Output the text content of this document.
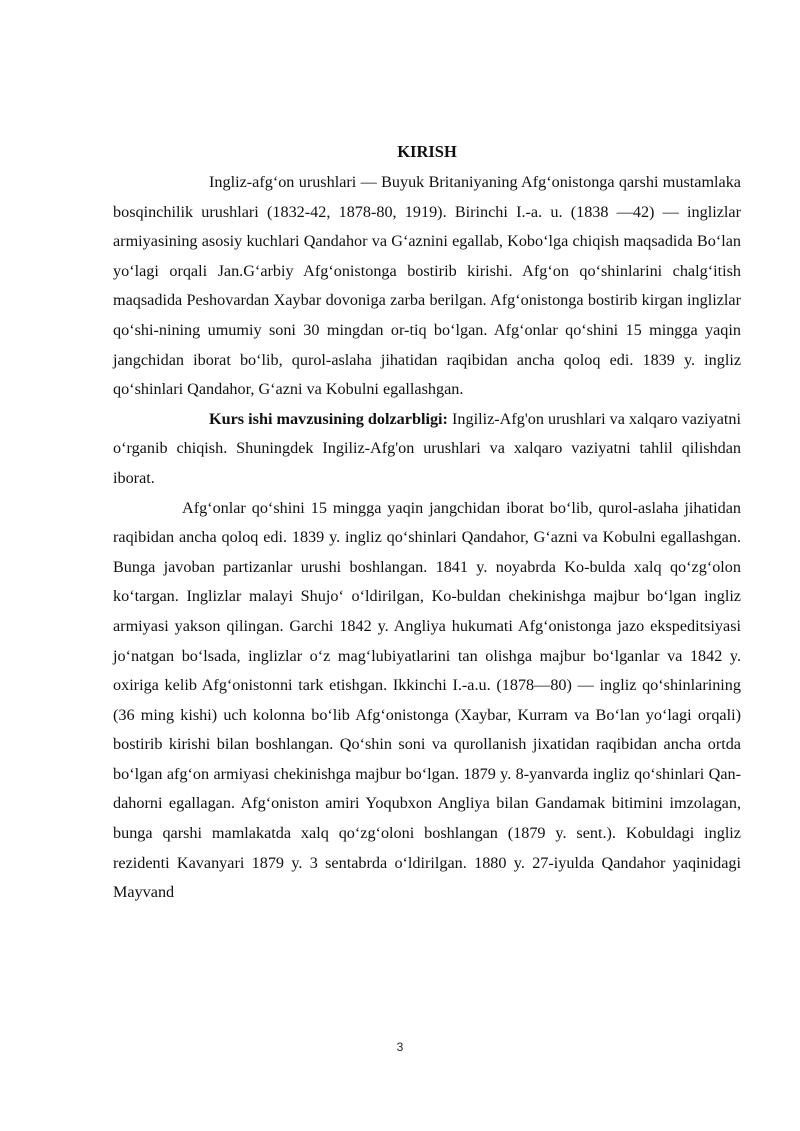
KIRISH

Ingliz-afg‘on urushlari — Buyuk Britaniyaning Afg‘onistonga qarshi mustamlaka bosqinchilik urushlari (1832-42, 1878-80, 1919). Birinchi I.-a. u. (1838 —42) — inglizlar armiyasining asosiy kuchlari Qandahor va G‘aznini egallab, Kobo‘lga chiqish maqsadida Bo‘lan yo‘lagi orqali Jan.G‘arbiy Afg‘onistonga bostirib kirishi. Afg‘on qo‘shinlarini chalg‘itish maqsadida Peshovardan Xaybar dovoniga zarba berilgan. Afg‘onistonga bostirib kirgan inglizlar qo‘shi-nining umumiy soni 30 mingdan or-tiq bo‘lgan. Afg‘onlar qo‘shini 15 mingga yaqin jangchidan iborat bo‘lib, qurol-aslaha jihatidan raqibidan ancha qoloq edi. 1839 y. ingliz qo‘shinlari Qandahor, G‘azni va Kobulni egallashgan.

Kurs ishi mavzusining dolzarbligi: Ingiliz-Afg'on urushlari va xalqaro vaziyatni o‘rganib chiqish. Shuningdek Ingiliz-Afg'on urushlari va xalqaro vaziyatni tahlil qilishdan iborat.

Afg‘onlar qo‘shini 15 mingga yaqin jangchidan iborat bo‘lib, qurol-aslaha jihatidan raqibidan ancha qoloq edi. 1839 y. ingliz qo‘shinlari Qandahor, G‘azni va Kobulni egallashgan. Bunga javoban partizanlar urushi boshlangan. 1841 y. noyabrda Ko-bulda xalq qo‘zg‘olon ko‘targan. Inglizlar malayi Shujo‘ o‘ldirilgan, Ko-buldan chekinishga majbur bo‘lgan ingliz armiyasi yakson qilingan. Garchi 1842 y. Angliya hukumati Afg‘onistonga jazo ekspeditsiyasi jo‘natgan bo‘lsada, inglizlar o‘z mag‘lubiyatlarini tan olishga majbur bo‘lganlar va 1842 y. oxiriga kelib Afg‘onistonni tark etishgan. Ikkinchi I.-a.u. (1878—80) — ingliz qo‘shinlarining (36 ming kishi) uch kolonna bo‘lib Afg‘onistonga (Xaybar, Kurram va Bo‘lan yo‘lagi orqali) bostirib kirishi bilan boshlangan. Qo‘shin soni va qurollanish jixatidan raqibidan ancha ortda bo‘lgan afg‘on armiyasi chekinishga majbur bo‘lgan. 1879 y. 8-yanvarda ingliz qo‘shinlari Qan-dahorni egallagan. Afg‘oniston amiri Yoqubxon Angliya bilan Gandamak bitimini imzolagan, bunga qarshi mamlakatda xalq qo‘zg‘oloni boshlangan (1879 y. sent.). Kobuldagi ingliz rezidenti Kavanyari 1879 y. 3 sentabrda o‘ldirilgan. 1880 y. 27-iyulda Qandahor yaqinidagi Mayvand

3
